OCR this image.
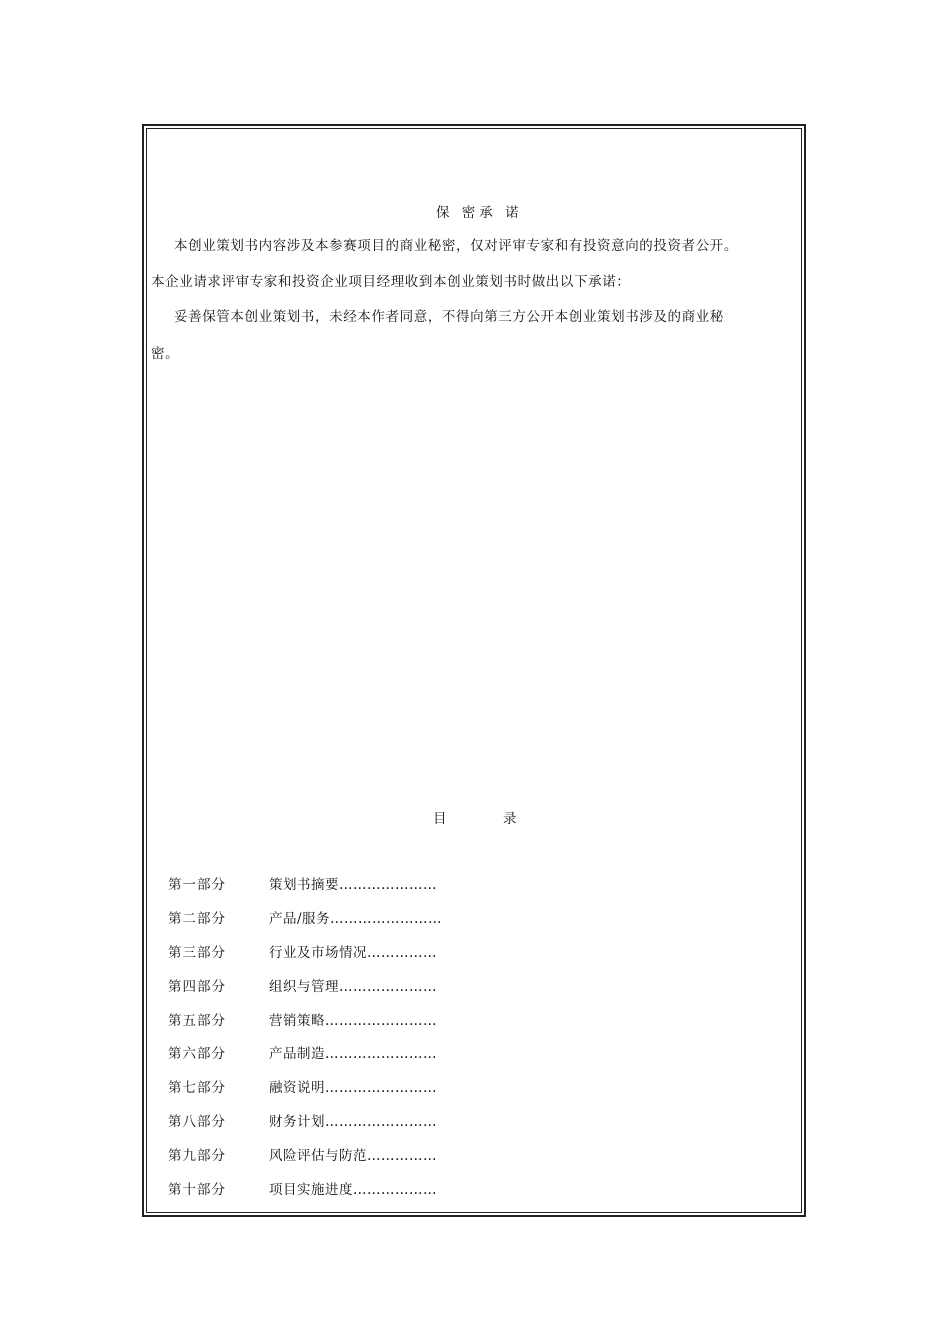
保 密承 诺
本创业策划书内容涉及本参赛项目的商业秘密，仅对评审专家和有投资意向的投资者公开。
本企业请求评审专家和投资企业项目经理收到本创业策划书时做出以下承诺：
妥善保管本创业策划书，未经本作者同意，不得向第三方公开本创业策划书涉及的商业秘
密。
目	录
第一部分	策划书摘要…………………
第二部分	产品/服务……………………
第三部分	行业及市场情况……………
第四部分	组织与管理…………………
第五部分	营销策略……………………
第六部分	产品制造……………………
第七部分	融资说明……………………
第八部分	财务计划……………………
第九部分	风险评估与防范……………
第十部分	项目实施进度………………
